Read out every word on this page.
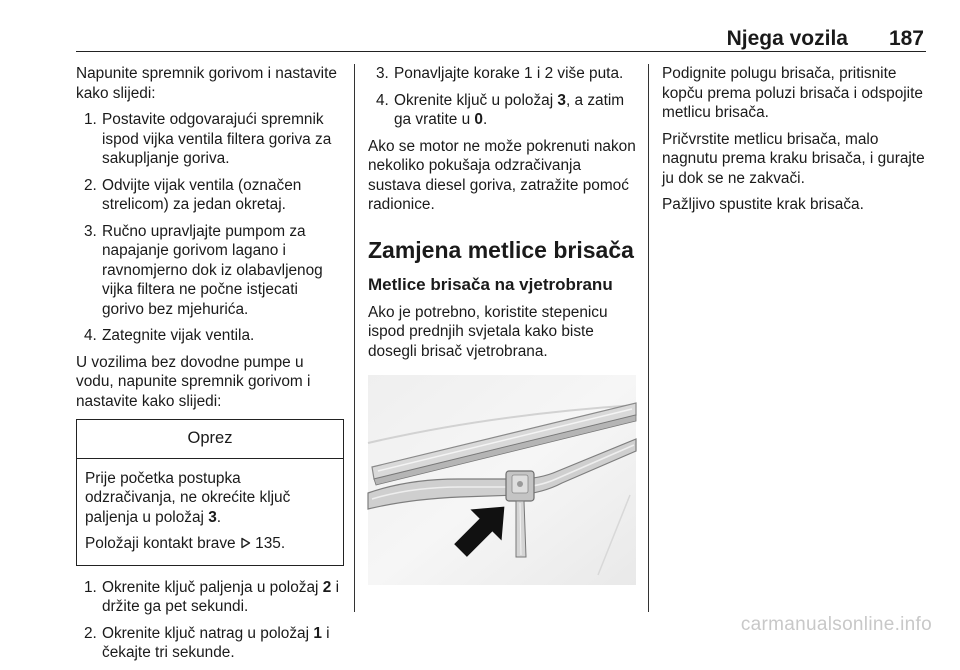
Njega vozila 187

Napunite spremnik gorivom i nastavite kako slijedi:

1. Postavite odgovarajući spremnik ispod vijka ventila filtera goriva za sakupljanje goriva.
2. Odvijte vijak ventila (označen strelicom) za jedan okretaj.
3. Ručno upravljajte pumpom za napajanje gorivom lagano i ravnomjerno dok iz olabavljenog vijka filtera ne počne istjecati gorivo bez mjehurića.
4. Zategnite vijak ventila.

U vozilima bez dovodne pumpe u vodu, napunite spremnik gorivom i nastavite kako slijedi:

Oprez

Prije početka postupka odzračivanja, ne okrećite ključ paljenja u položaj 3.

Položaji kontakt brave 135.

1. Okrenite ključ paljenja u položaj 2 i držite ga pet sekundi.
2. Okrenite ključ natrag u položaj 1 i čekajte tri sekunde.
3. Ponavljajte korake 1 i 2 više puta.
4. Okrenite ključ u položaj 3, a zatim ga vratite u 0.

Ako se motor ne može pokrenuti nakon nekoliko pokušaja odzračivanja sustava diesel goriva, zatražite pomoć radionice.

Zamjena metlice brisača
Metlice brisača na vjetrobranu

Ako je potrebno, koristite stepenicu ispod prednjih svjetala kako biste dosegli brisač vjetrobrana.

Podignite polugu brisača, pritisnite kopču prema poluzi brisača i odspojite metlicu brisača.

Pričvrstite metlicu brisača, malo nagnutu prema kraku brisača, i gurajte ju dok se ne zakvači.

Pažljivo spustite krak brisača.

carmanualsonline.info
